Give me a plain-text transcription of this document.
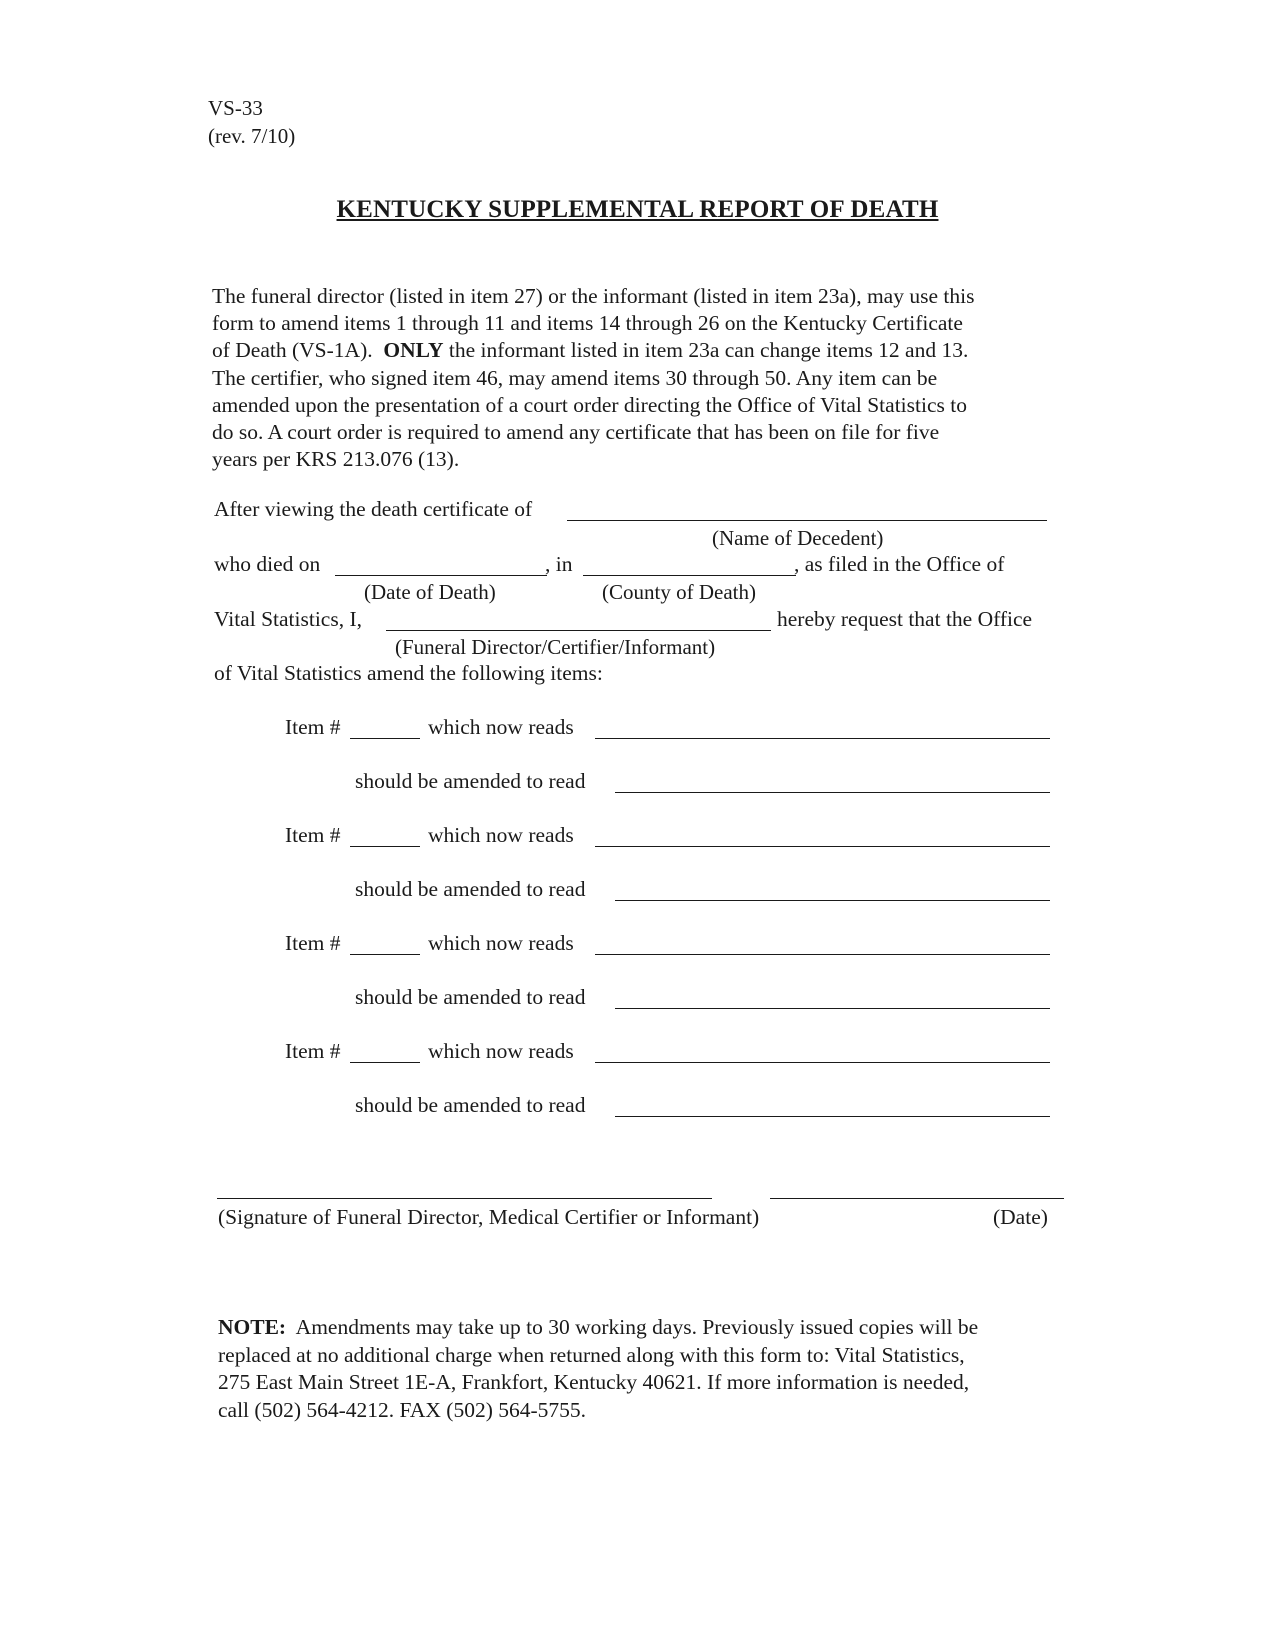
VS-33
(rev. 7/10)
KENTUCKY SUPPLEMENTAL REPORT OF DEATH
The funeral director (listed in item 27) or the informant (listed in item 23a), may use this
form to amend items 1 through 11 and items 14 through 26 on the Kentucky Certificate
of Death (VS-1A). ONLY the informant listed in item 23a can change items 12 and 13.
The certifier, who signed item 46, may amend items 30 through 50. Any item can be
amended upon the presentation of a court order directing the Office of Vital Statistics to
do so. A court order is required to amend any certificate that has been on file for five
years per KRS 213.076 (13).
After viewing the death certificate of
(Name of Decedent)
who died on	, in	, as filed in the Office of
(Date of Death)	(County of Death)
Vital Statistics, I,	hereby request that the Office
(Funeral Director/Certifier/Informant)
of Vital Statistics amend the following items:
Item #	which now reads
should be amended to read
Item #	which now reads
should be amended to read
Item #	which now reads
should be amended to read
Item #	which now reads
should be amended to read
(Signature of Funeral Director, Medical Certifier or Informant)	(Date)
NOTE: Amendments may take up to 30 working days. Previously issued copies will be
replaced at no additional charge when returned along with this form to: Vital Statistics,
275 East Main Street 1E-A, Frankfort, Kentucky 40621. If more information is needed,
call (502) 564-4212. FAX (502) 564-5755.
